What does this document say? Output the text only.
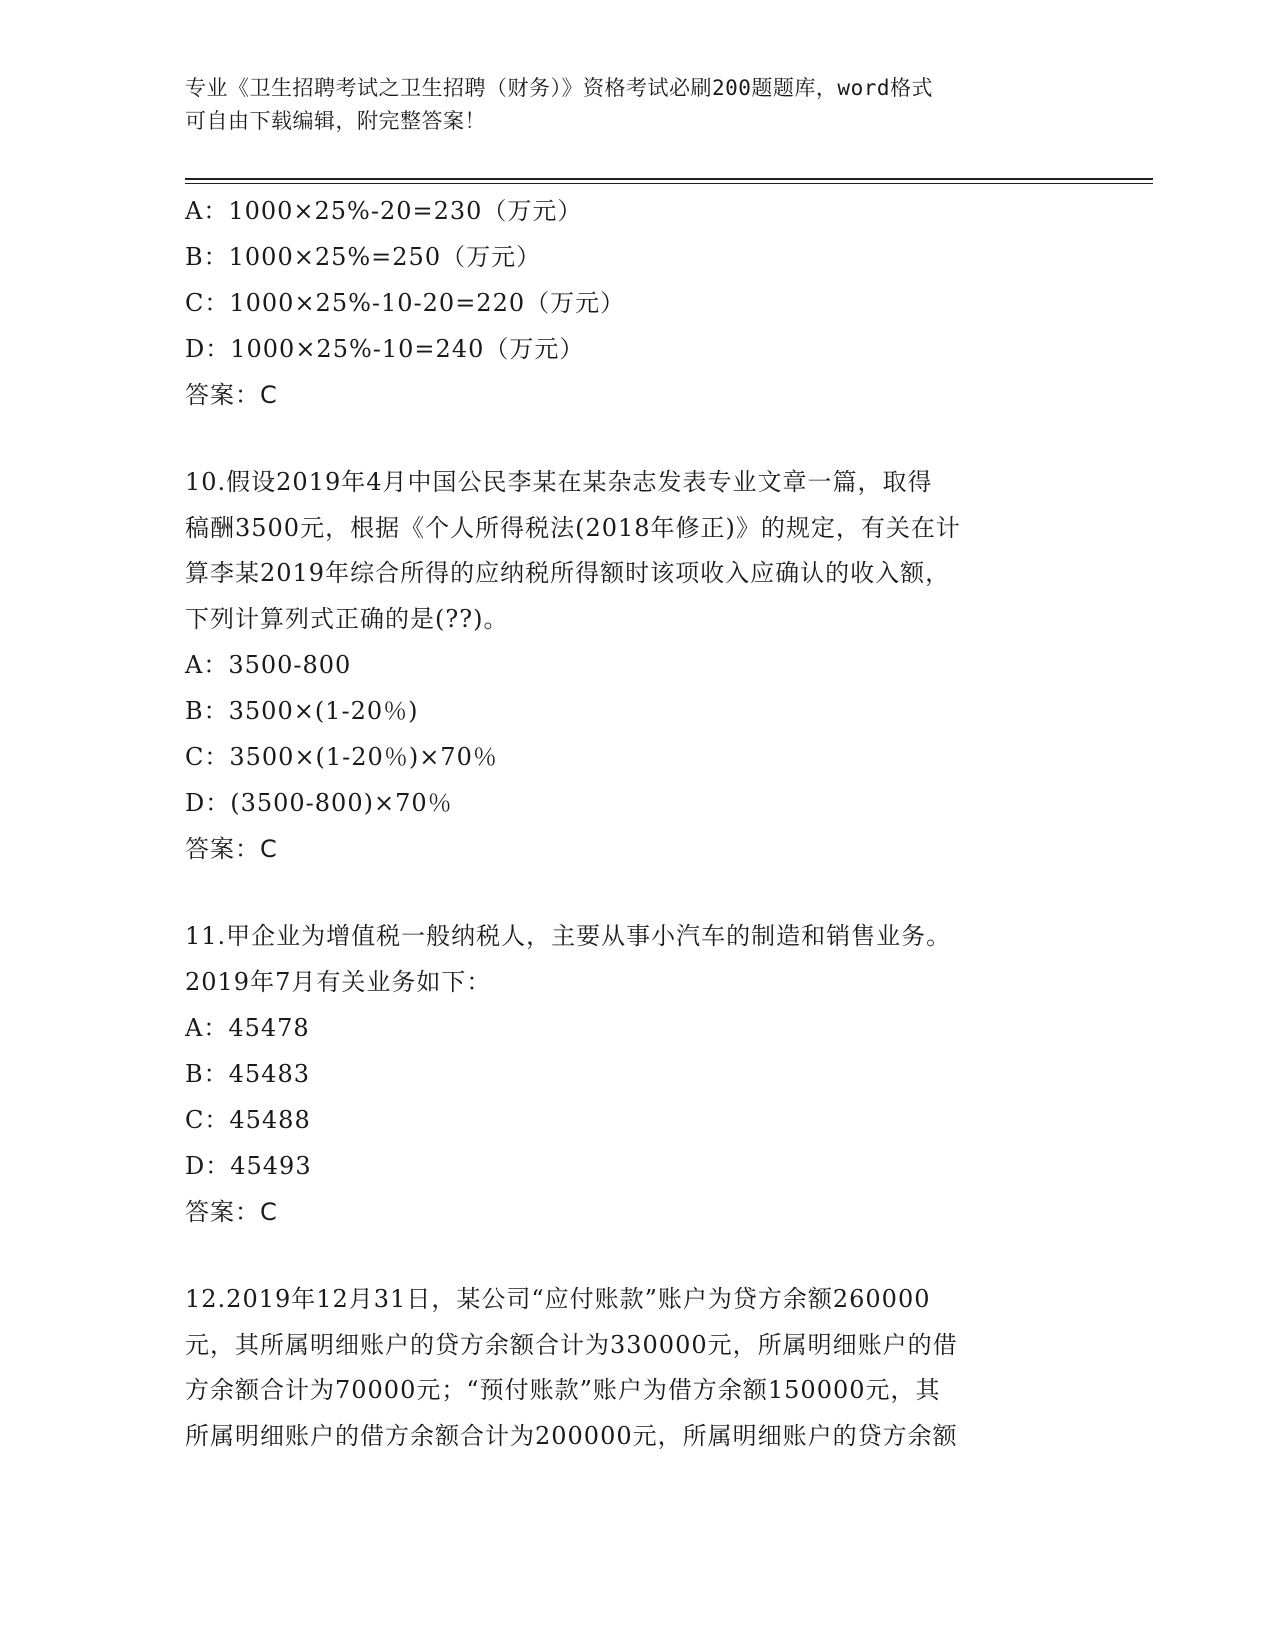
专业《卫生招聘考试之卫生招聘（财务）》资格考试必刷200题题库，word格式
可自由下载编辑，附完整答案！
A：1000×25%-20=230（万元）
B：1000×25%=250（万元）
C：1000×25%-10-20=220（万元）
D：1000×25%-10=240（万元）
答案：C
10.假设2019年4月中国公民李某在某杂志发表专业文章一篇，取得
稿酬3500元，根据《个人所得税法(2018年修正)》的规定，有关在计
算李某2019年综合所得的应纳税所得额时该项收入应确认的收入额，
下列计算列式正确的是(??)。
A：3500-800
B：3500×(1-20％)
C：3500×(1-20％)×70％
D：(3500-800)×70％
答案：C
11.甲企业为增值税一般纳税人，主要从事小汽车的制造和销售业务。
2019年7月有关业务如下：
A：45478
B：45483
C：45488
D：45493
答案：C
12.2019年12月31日，某公司“应付账款”账户为贷方余额260000
元，其所属明细账户的贷方余额合计为330000元，所属明细账户的借
方余额合计为70000元；“预付账款”账户为借方余额150000元，其
所属明细账户的借方余额合计为200000元，所属明细账户的贷方余额
